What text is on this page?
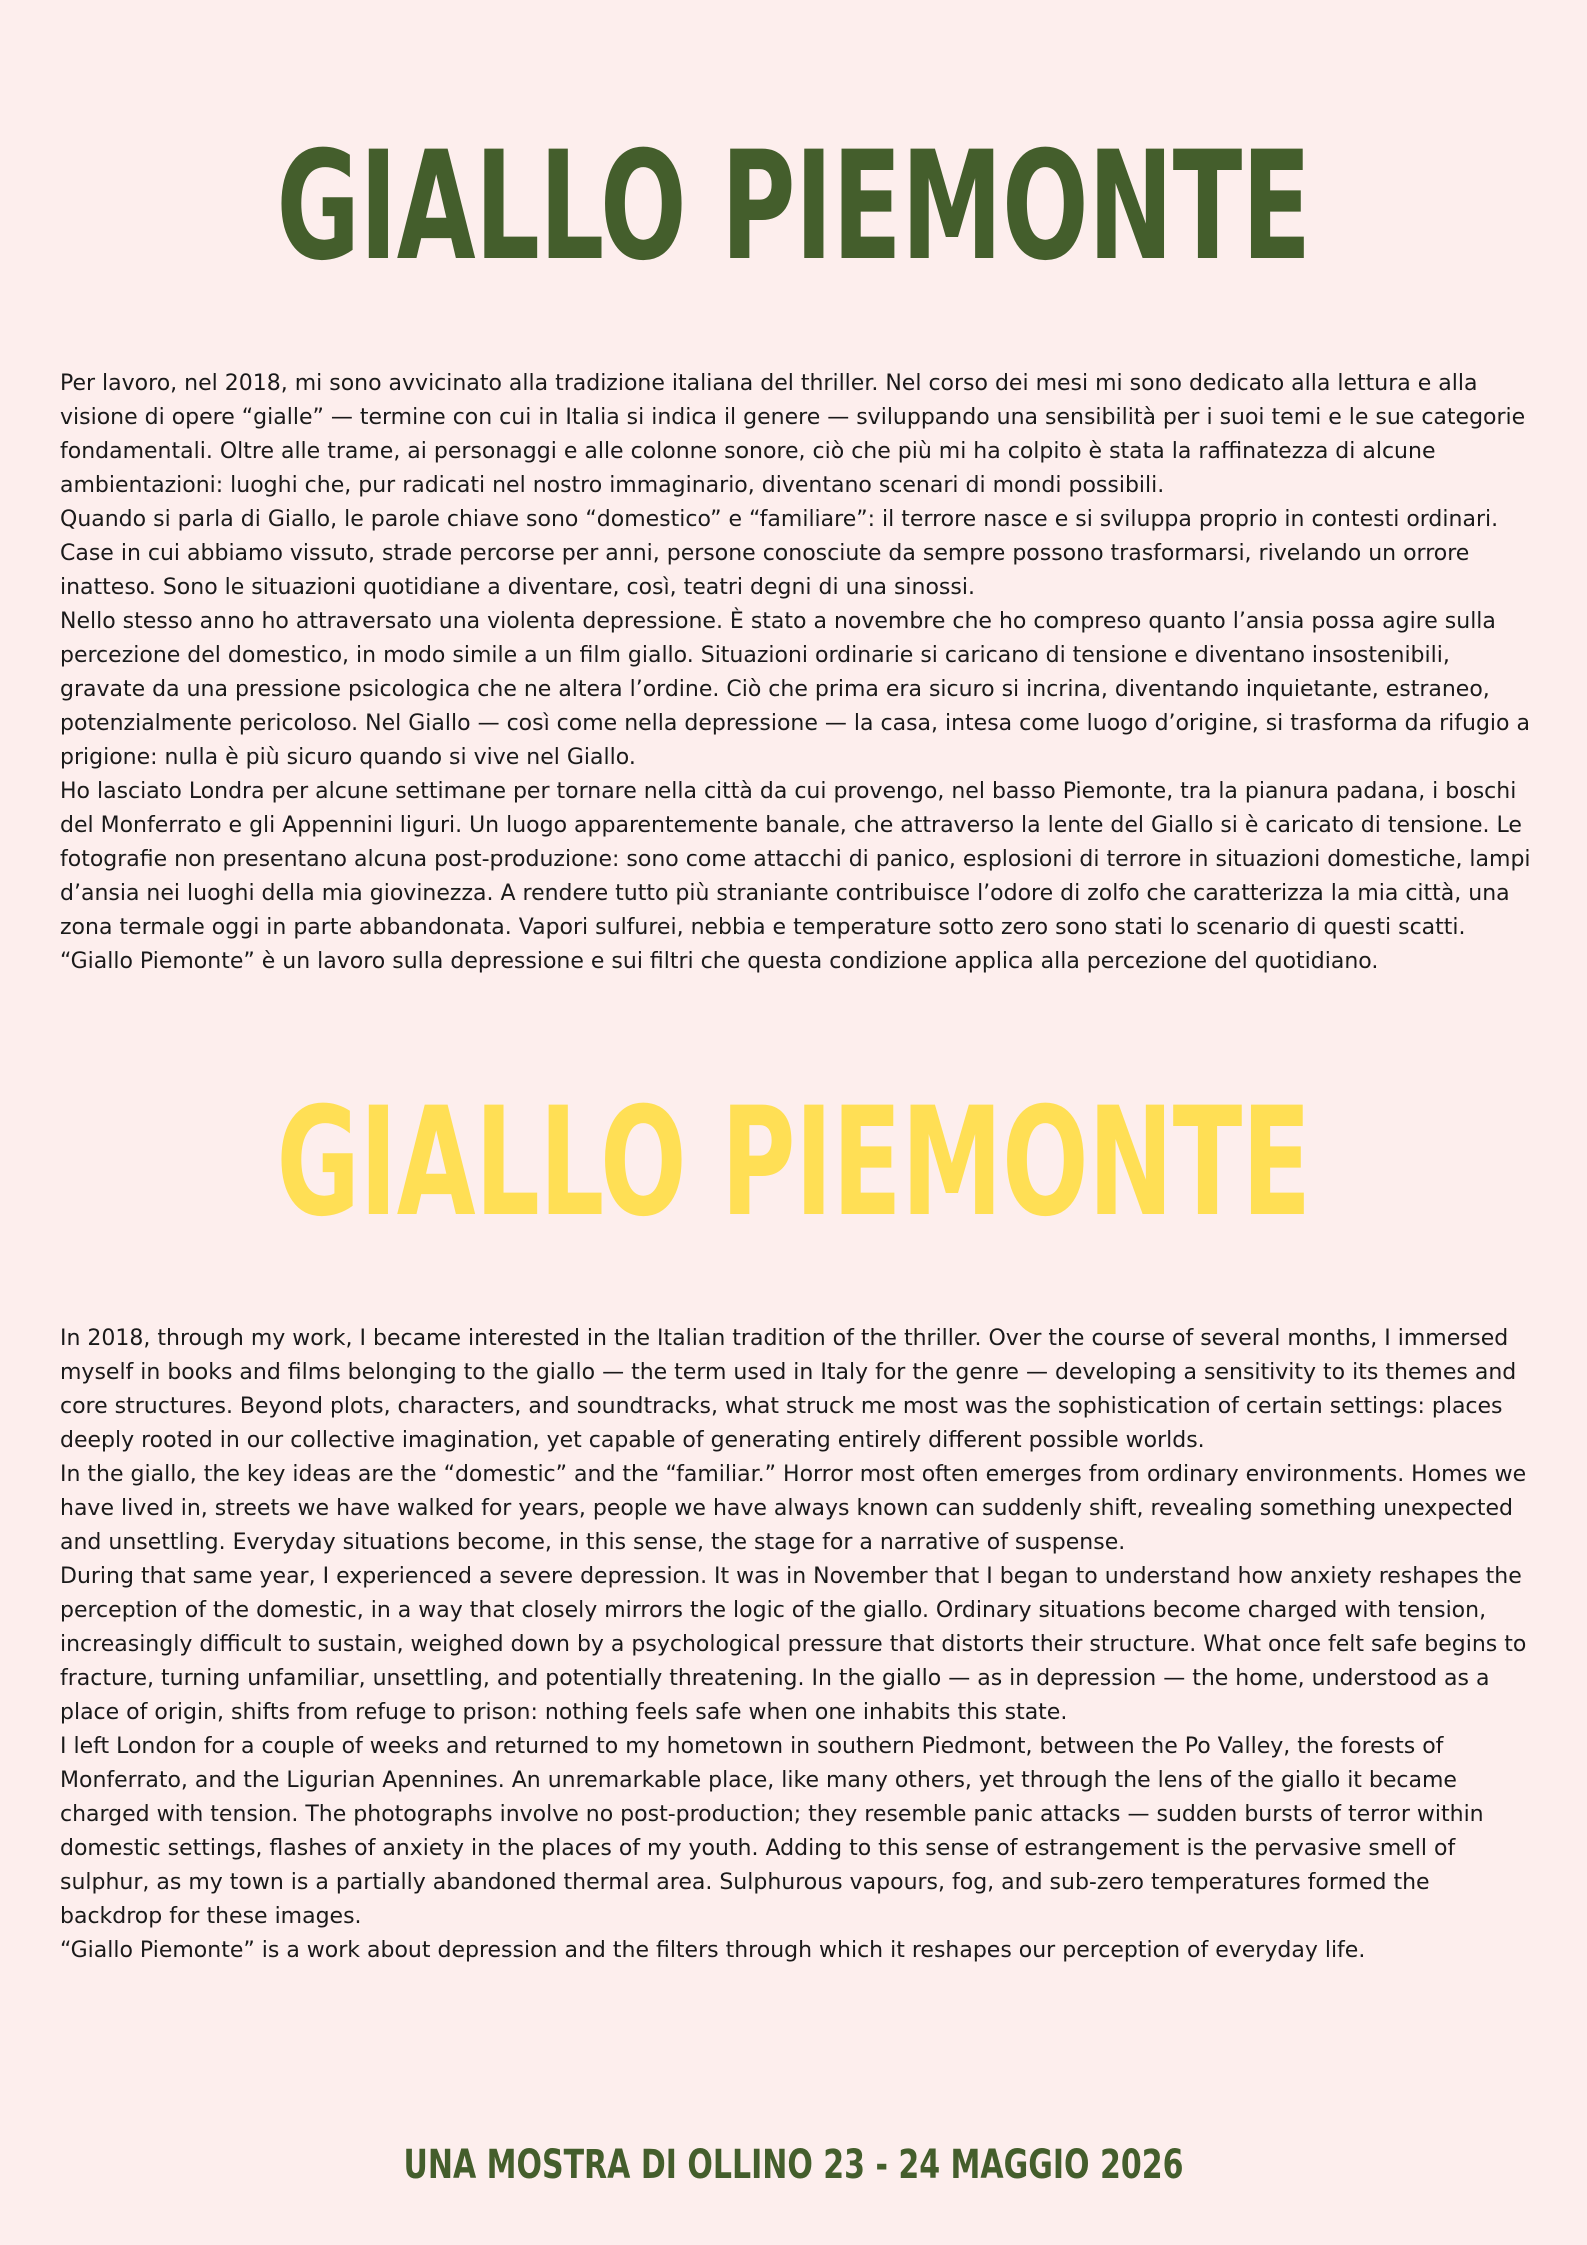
GIALLO PIEMONTE

Per lavoro, nel 2018, mi sono avvicinato alla tradizione italiana del thriller. Nel corso dei mesi mi sono dedicato alla lettura e alla visione di opere “gialle” — termine con cui in Italia si indica il genere — sviluppando una sensibilità per i suoi temi e le sue categorie fondamentali. Oltre alle trame, ai personaggi e alle colonne sonore, ciò che più mi ha colpito è stata la raffinatezza di alcune ambientazioni: luoghi che, pur radicati nel nostro immaginario, diventano scenari di mondi possibili.

Quando si parla di Giallo, le parole chiave sono “domestico” e “familiare”: il terrore nasce e si sviluppa proprio in contesti ordinari. Case in cui abbiamo vissuto, strade percorse per anni, persone conosciute da sempre possono trasformarsi, rivelando un orrore inatteso. Sono le situazioni quotidiane a diventare, così, teatri degni di una sinossi.

Nello stesso anno ho attraversato una violenta depressione. È stato a novembre che ho compreso quanto l’ansia possa agire sulla percezione del domestico, in modo simile a un film giallo. Situazioni ordinarie si caricano di tensione e diventano insostenibili, gravate da una pressione psicologica che ne altera l’ordine. Ciò che prima era sicuro si incrina, diventando inquietante, estraneo, potenzialmente pericoloso. Nel Giallo — così come nella depressione — la casa, intesa come luogo d’origine, si trasforma da rifugio a prigione: nulla è più sicuro quando si vive nel Giallo.

Ho lasciato Londra per alcune settimane per tornare nella città da cui provengo, nel basso Piemonte, tra la pianura padana, i boschi del Monferrato e gli Appennini liguri. Un luogo apparentemente banale, che attraverso la lente del Giallo si è caricato di tensione. Le fotografie non presentano alcuna post-produzione: sono come attacchi di panico, esplosioni di terrore in situazioni domestiche, lampi d’ansia nei luoghi della mia giovinezza. A rendere tutto più straniante contribuisce l’odore di zolfo che caratterizza la mia città, una zona termale oggi in parte abbandonata. Vapori sulfurei, nebbia e temperature sotto zero sono stati lo scenario di questi scatti.

“Giallo Piemonte” è un lavoro sulla depressione e sui filtri che questa condizione applica alla percezione del quotidiano.

GIALLO PIEMONTE

In 2018, through my work, I became interested in the Italian tradition of the thriller. Over the course of several months, I immersed myself in books and films belonging to the giallo — the term used in Italy for the genre — developing a sensitivity to its themes and core structures. Beyond plots, characters, and soundtracks, what struck me most was the sophistication of certain settings: places deeply rooted in our collective imagination, yet capable of generating entirely different possible worlds.

In the giallo, the key ideas are the “domestic” and the “familiar.” Horror most often emerges from ordinary environments. Homes we have lived in, streets we have walked for years, people we have always known can suddenly shift, revealing something unexpected and unsettling. Everyday situations become, in this sense, the stage for a narrative of suspense.

During that same year, I experienced a severe depression. It was in November that I began to understand how anxiety reshapes the perception of the domestic, in a way that closely mirrors the logic of the giallo. Ordinary situations become charged with tension, increasingly difficult to sustain, weighed down by a psychological pressure that distorts their structure. What once felt safe begins to fracture, turning unfamiliar, unsettling, and potentially threatening. In the giallo — as in depression — the home, understood as a place of origin, shifts from refuge to prison: nothing feels safe when one inhabits this state.

I left London for a couple of weeks and returned to my hometown in southern Piedmont, between the Po Valley, the forests of Monferrato, and the Ligurian Apennines. An unremarkable place, like many others, yet through the lens of the giallo it became charged with tension. The photographs involve no post-production; they resemble panic attacks — sudden bursts of terror within domestic settings, flashes of anxiety in the places of my youth. Adding to this sense of estrangement is the pervasive smell of sulphur, as my town is a partially abandoned thermal area. Sulphurous vapours, fog, and sub-zero temperatures formed the backdrop for these images.

“Giallo Piemonte” is a work about depression and the filters through which it reshapes our perception of everyday life.

UNA MOSTRA DI OLLINO 23 - 24 MAGGIO 2026
